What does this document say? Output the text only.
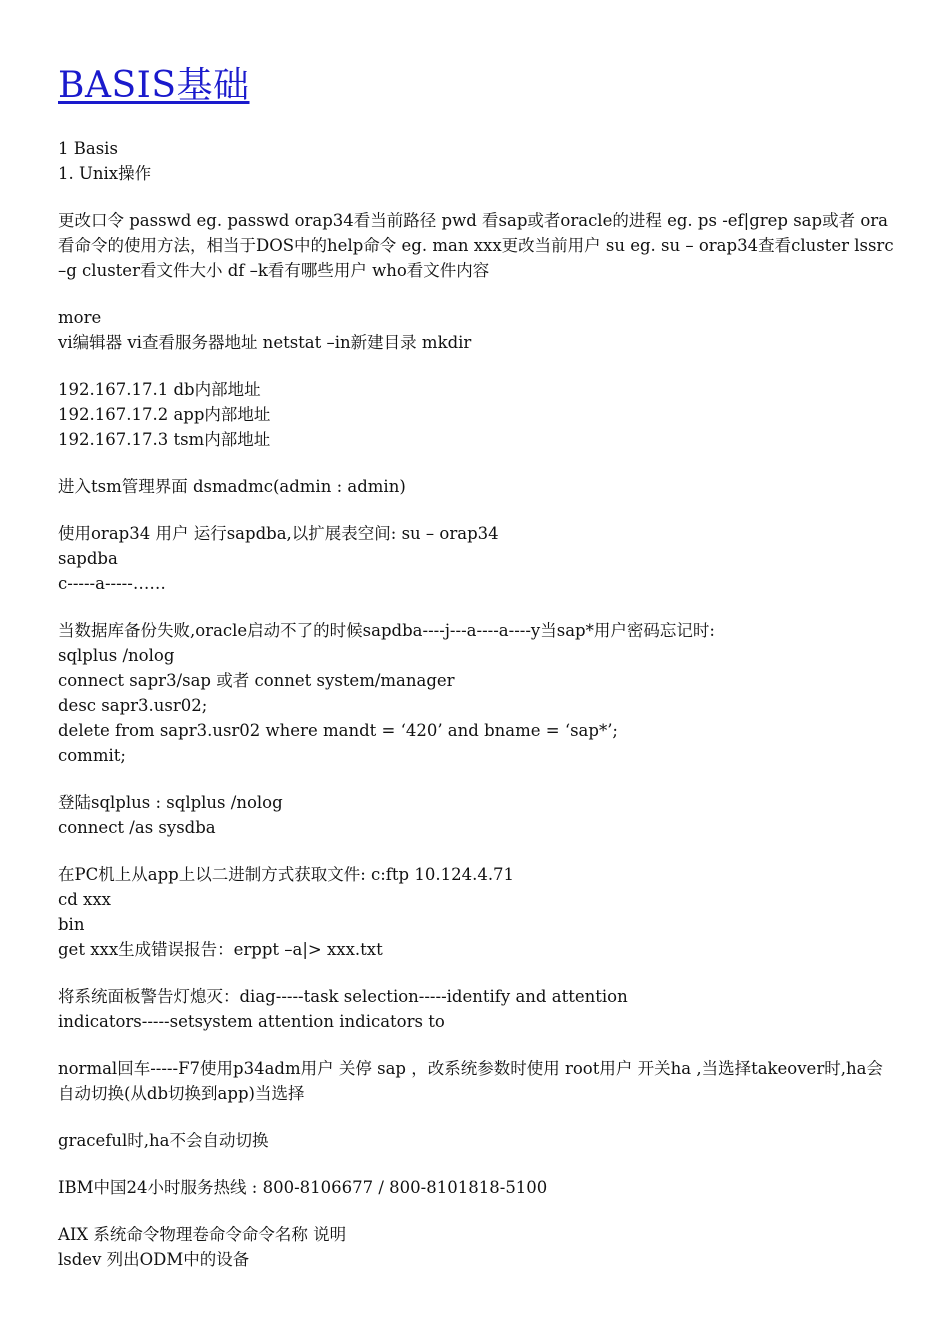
BASIS基础
1 Basis
1. Unix操作
更改口令 passwd eg. passwd orap34看当前路径 pwd 看sap或者oracle的进程 eg. ps -ef|grep sap或者 ora看命令的使用方法，相当于DOS中的help命令 eg. man xxx更改当前用户 su eg. su – orap34查看cluster lssrc –g cluster看文件大小 df –k看有哪些用户 who看文件内容
more
vi编辑器 vi查看服务器地址 netstat –in新建目录 mkdir
192.167.17.1 db内部地址
192.167.17.2 app内部地址
192.167.17.3 tsm内部地址
进入tsm管理界面 dsmadmc(admin : admin)
使用orap34 用户 运行sapdba,以扩展表空间: su – orap34
sapdba
c-----a-----……
当数据库备份失败,oracle启动不了的时候sapdba----j---a----a----y当sap*用户密码忘记时:
sqlplus /nolog
connect sapr3/sap 或者 connet system/manager
desc sapr3.usr02;
delete from sapr3.usr02 where mandt = ‘420’ and bname = ‘sap*’;
commit;
登陆sqlplus : sqlplus /nolog
connect /as sysdba
在PC机上从app上以二进制方式获取文件: c:ftp 10.124.4.71
cd xxx
bin
get xxx生成错误报告：erppt –a|> xxx.txt
将系统面板警告灯熄灭：diag-----task selection-----identify and attention
indicators-----setsystem attention indicators to
normal回车-----F7使用p34adm用户 关停 sap ，改系统参数时使用 root用户 开关ha ,当选择takeover时,ha会自动切换(从db切换到app)当选择
graceful时,ha不会自动切换
IBM中国24小时服务热线 : 800-8106677 / 800-8101818-5100
AIX 系统命令物理卷命令命令名称 说明
lsdev 列出ODM中的设备
